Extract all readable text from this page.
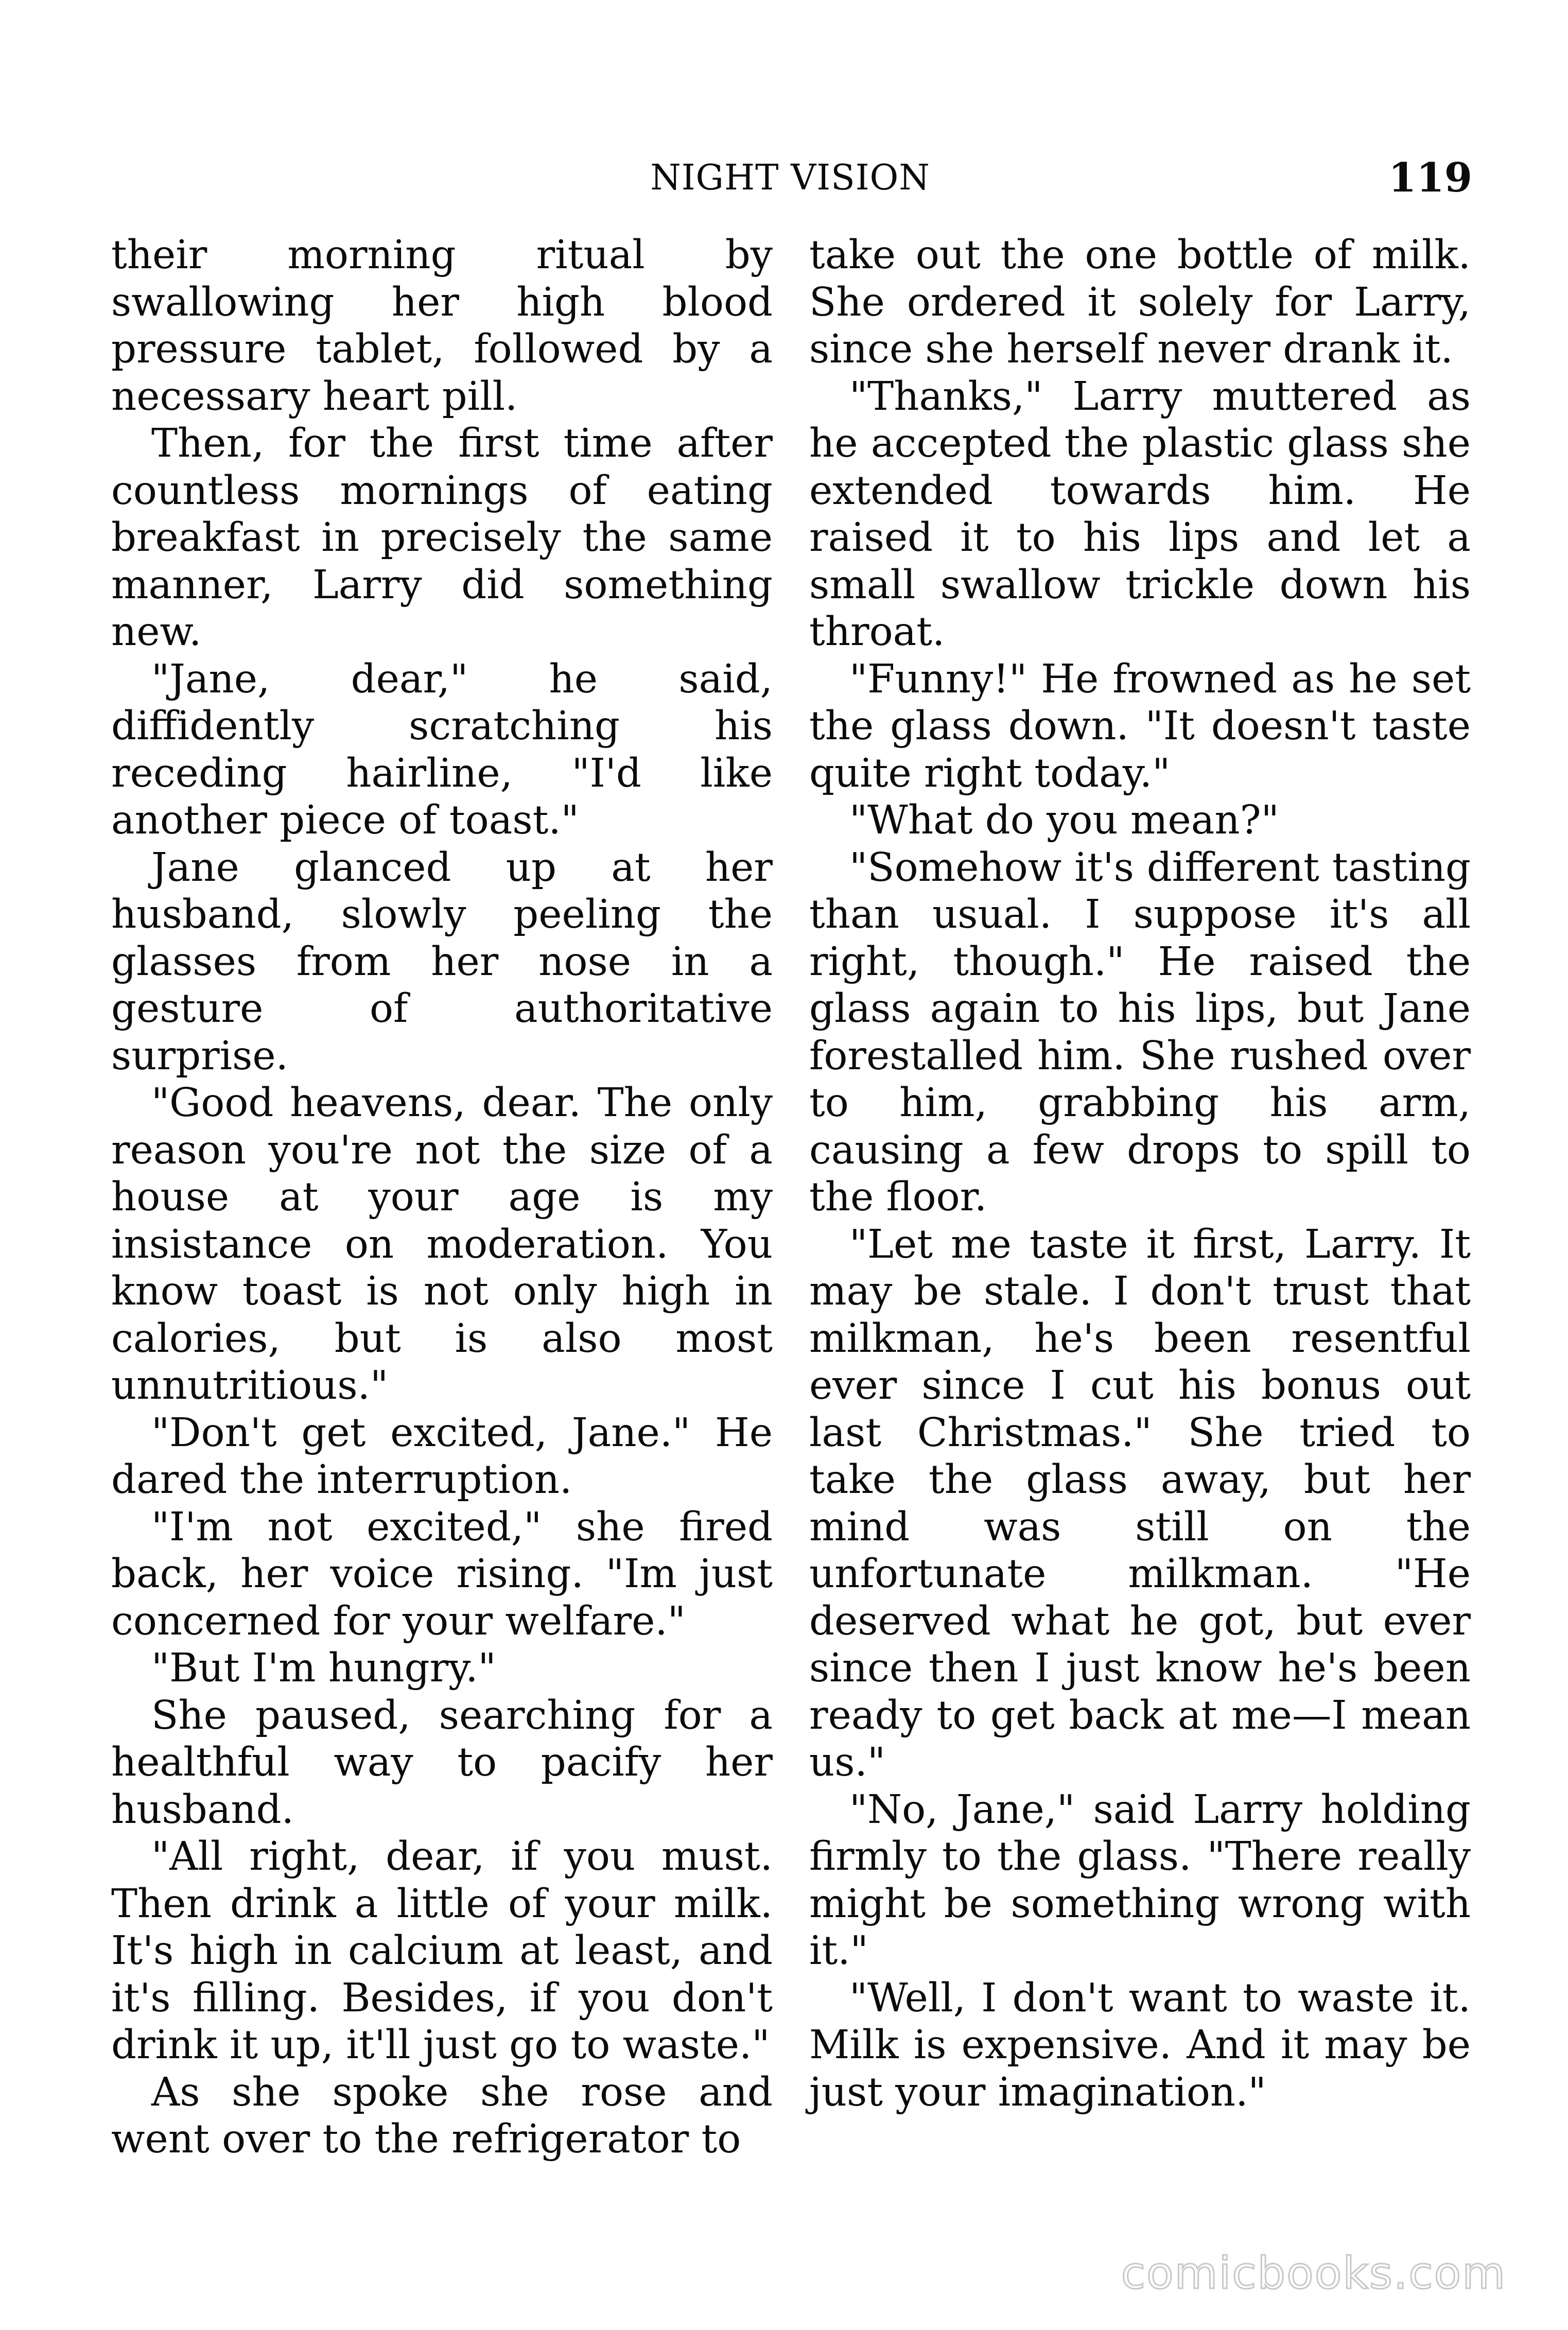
NIGHT VISION	119

their morning ritual by swallowing her high blood pressure tablet, followed by a necessary heart pill.

Then, for the first time after countless mornings of eating breakfast in precisely the same manner, Larry did something new.

"Jane, dear," he said, diffidently scratching his receding hairline, "I'd like another piece of toast."

Jane glanced up at her husband, slowly peeling the glasses from her nose in a gesture of authoritative surprise.

"Good heavens, dear. The only reason you're not the size of a house at your age is my insistance on moderation. You know toast is not only high in calories, but is also most unnutritious."

"Don't get excited, Jane." He dared the interruption.

"I'm not excited," she fired back, her voice rising. "Im just concerned for your welfare."

"But I'm hungry."

She paused, searching for a healthful way to pacify her husband.

"All right, dear, if you must. Then drink a little of your milk. It's high in calcium at least, and it's filling. Besides, if you don't drink it up, it'll just go to waste."

As she spoke she rose and went over to the refrigerator to

take out the one bottle of milk. She ordered it solely for Larry, since she herself never drank it.

"Thanks," Larry muttered as he accepted the plastic glass she extended towards him. He raised it to his lips and let a small swallow trickle down his throat.

"Funny!" He frowned as he set the glass down. "It doesn't taste quite right today."

"What do you mean?"

"Somehow it's different tasting than usual. I suppose it's all right, though." He raised the glass again to his lips, but Jane forestalled him. She rushed over to him, grabbing his arm, causing a few drops to spill to the floor.

"Let me taste it first, Larry. It may be stale. I don't trust that milkman, he's been resentful ever since I cut his bonus out last Christmas." She tried to take the glass away, but her mind was still on the unfortunate milkman. "He deserved what he got, but ever since then I just know he's been ready to get back at me—I mean us."

"No, Jane," said Larry holding firmly to the glass. "There really might be something wrong with it."

"Well, I don't want to waste it. Milk is expensive. And it may be just your imagination."

comicbooks.com
